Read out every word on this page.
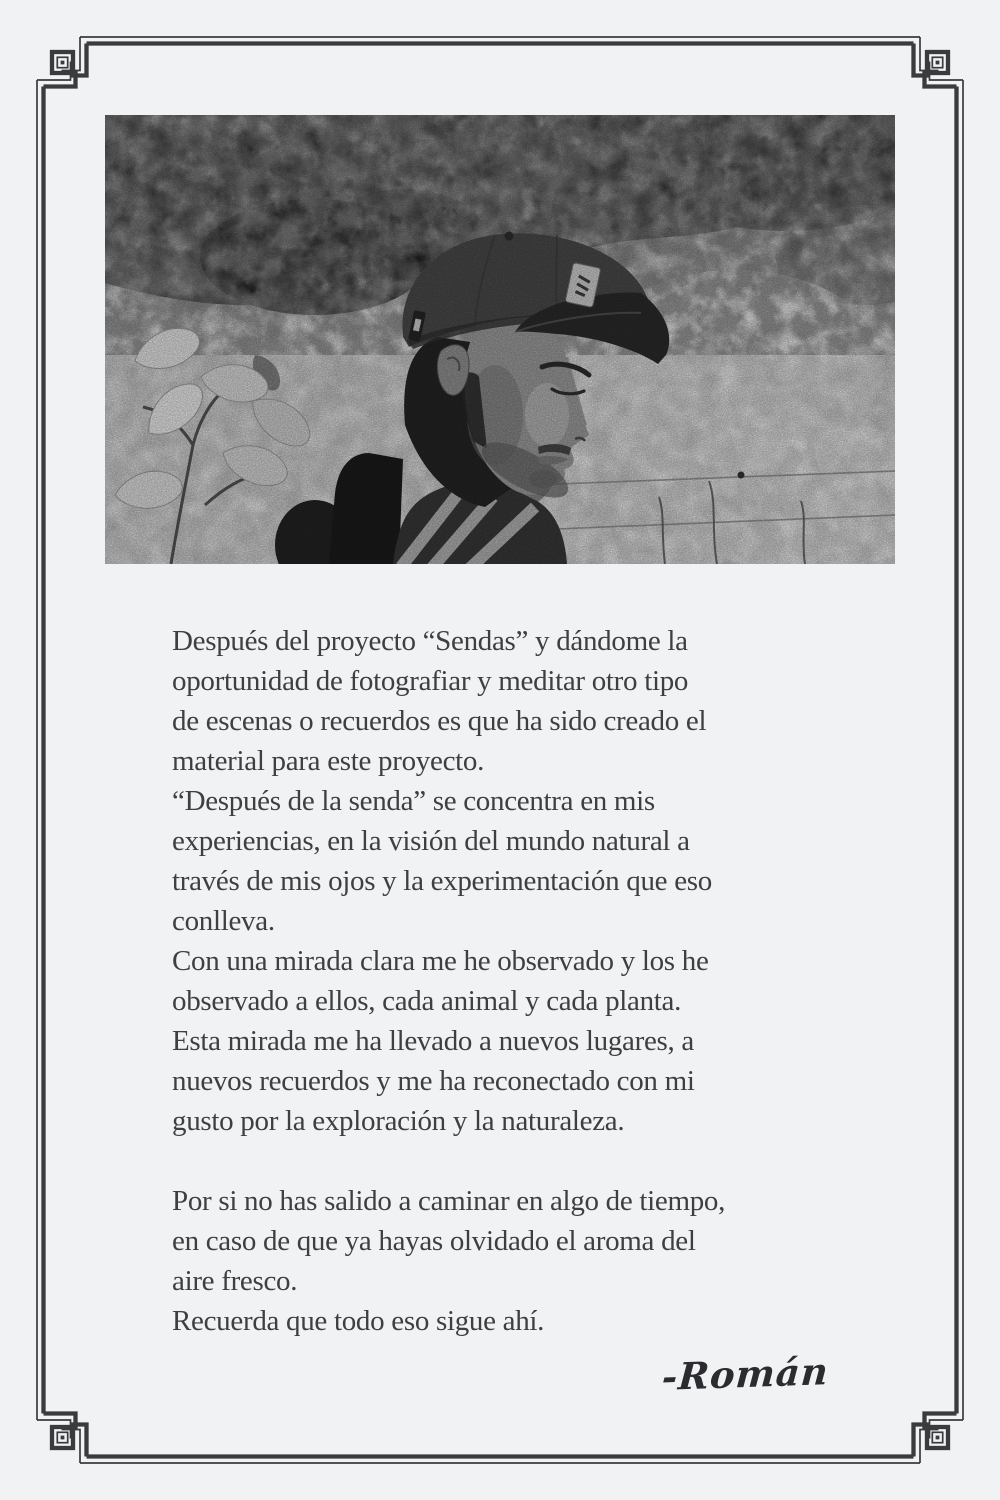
Después del proyecto “Sendas” y dándome la
oportunidad de fotografiar y meditar otro tipo
de escenas o recuerdos es que ha sido creado el
material para este proyecto.
“Después de la senda” se concentra en mis
experiencias, en la visión del mundo natural a
través de mis ojos y la experimentación que eso
conlleva.
Con una mirada clara me he observado y los he
observado a ellos, cada animal y cada planta.
Esta mirada me ha llevado a nuevos lugares, a
nuevos recuerdos y me ha reconectado con mi
gusto por la exploración y la naturaleza.
Por si no has salido a caminar en algo de tiempo,
en caso de que ya hayas olvidado el aroma del
aire fresco.
Recuerda que todo eso sigue ahí.
-Román
